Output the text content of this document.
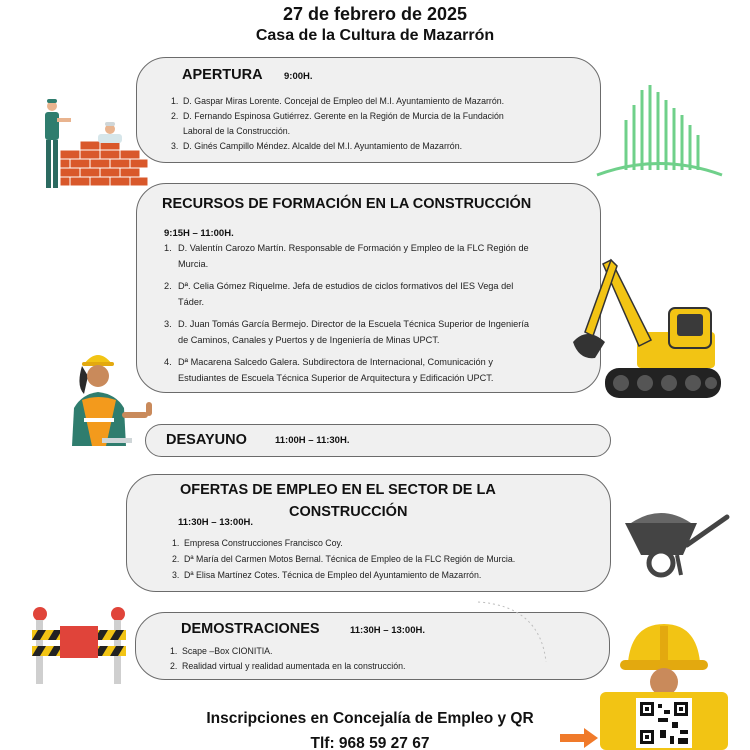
27 de febrero de 2025
Casa de la Cultura de Mazarrón
APERTURA 9:00H.
1. D. Gaspar Miras Lorente. Concejal de Empleo del M.I. Ayuntamiento de Mazarrón.
2. D. Fernando Espinosa Gutiérrez. Gerente en la Región de Murcia de la Fundación
Laboral de la Construcción.
3. D. Ginés Campillo Méndez. Alcalde del M.I. Ayuntamiento de Mazarrón.
RECURSOS DE FORMACIÓN EN LA CONSTRUCCIÓN
9:15H – 11:00H.
1. D. Valentín Carozo Martín. Responsable de Formación y Empleo de la FLC Región de
Murcia.
2. Dª. Celia Gómez Riquelme. Jefa de estudios de ciclos formativos del IES Vega del
Táder.
3. D. Juan Tomás García Bermejo. Director de la Escuela Técnica Superior de Ingeniería
de Caminos, Canales y Puertos y de Ingeniería de Minas UPCT.
4. Dª Macarena Salcedo Galera. Subdirectora de Internacional, Comunicación y
Estudiantes de Escuela Técnica Superior de Arquitectura y Edificación UPCT.
DESAYUNO	11:00H – 11:30H.
OFERTAS DE EMPLEO EN EL SECTOR DE LA
CONSTRUCCIÓN
11:30H – 13:00H.
1. Empresa Construcciones Francisco Coy.
2. Dª María del Carmen Motos Bernal. Técnica de Empleo de la FLC Región de Murcia.
3. Dª Elisa Martínez Cotes. Técnica de Empleo del Ayuntamiento de Mazarrón.
DEMOSTRACIONES	11:30H – 13:00H.
1. Scape –Box CIONITIA.
2. Realidad virtual y realidad aumentada en la construcción.
Inscripciones en Concejalía de Empleo y QR
Tlf: 968 59 27 67
